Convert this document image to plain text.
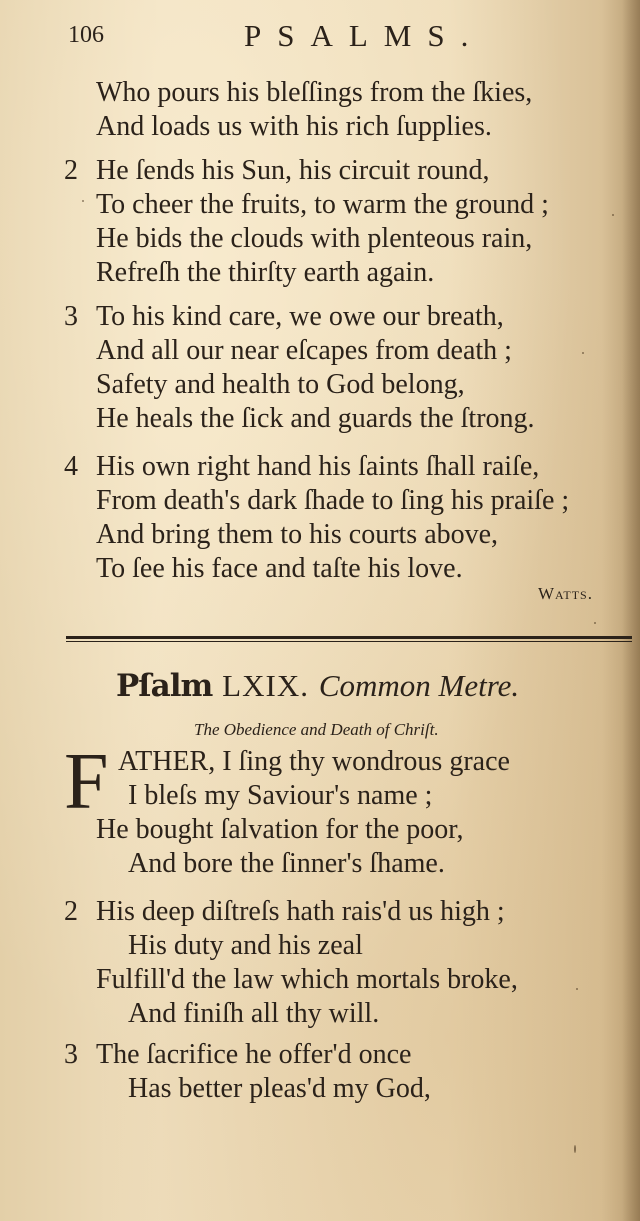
106	PSALMS.
Who pours his bleſſings from the ſkies,
And loads us with his rich ſupplies.
2 He ſends his Sun, his circuit round,
To cheer the fruits, to warm the ground ;
He bids the clouds with plenteous rain,
Refreſh the thirſty earth again.
3 To his kind care, we owe our breath,
And all our near eſcapes from death ;
Safety and health to God belong,
He heals the ſick and guards the ſtrong.
4 His own right hand his ſaints ſhall raiſe,
From death's dark ſhade to ſing his praiſe ;
And bring them to his courts above,
To ſee his face and taſte his love.
Watts.
Pſalm LXIX. Common Metre.
The Obedience and Death of Chriſt.
F ATHER, I ſing thy wondrous grace
I bleſs my Saviour's name ;
He bought ſalvation for the poor,
And bore the ſinner's ſhame.
2 His deep diſtreſs hath rais'd us high ;
His duty and his zeal
Fulfill'd the law which mortals broke,
And finiſh all thy will.
3 The ſacrifice he offer'd once
Has better pleas'd my God,
